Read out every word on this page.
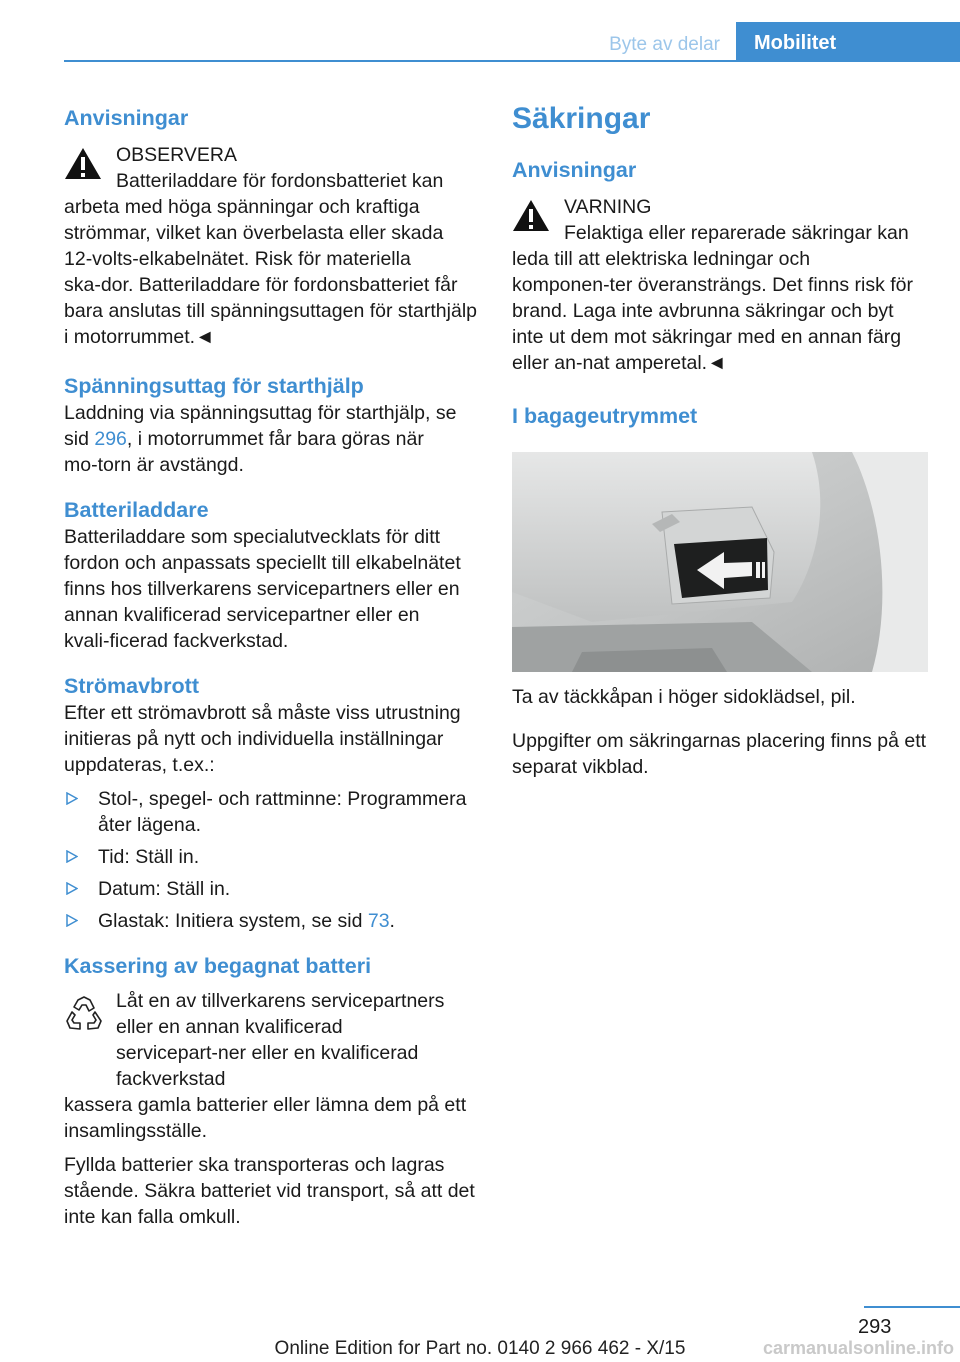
Byte av delar	Mobilitet

Anvisningar

OBSERVERA

Batteriladdare för fordonsbatteriet kan

arbeta med höga spänningar och kraftiga strömmar, vilket kan överbelasta eller skada 12‑volts‑elkabelnätet. Risk för materiella ska‑dor. Batteriladdare för fordonsbatteriet får bara anslutas till spänningsuttagen för starthjälp i motorrummet.◄

Spänningsuttag för starthjälp

Laddning via spänningsuttag för starthjälp, se sid 296, i motorrummet får bara göras när mo‑torn är avstängd.

Batteriladdare

Batteriladdare som specialutvecklats för ditt fordon och anpassats speciellt till elkabelnätet finns hos tillverkarens servicepartners eller en annan kvalificerad servicepartner eller en kvali‑ficerad fackverkstad.

Strömavbrott

Efter ett strömavbrott så måste viss utrustning initieras på nytt och individuella inställningar uppdateras, t.ex.:

Stol-, spegel- och rattminne: Programmera åter lägena.
Tid: Ställ in.
Datum: Ställ in.
Glastak: Initiera system, se sid 73.

Kassering av begagnat batteri

Låt en av tillverkarens servicepartners eller en annan kvalificerad servicepart‑ner eller en kvalificerad fackverkstad

kassera gamla batterier eller lämna dem på ett insamlingsställe.

Fyllda batterier ska transporteras och lagras stående. Säkra batteriet vid transport, så att det inte kan falla omkull.

Säkringar

Anvisningar

VARNING

Felaktiga eller reparerade säkringar kan

leda till att elektriska ledningar och komponen‑ter överansträngs. Det finns risk för brand. Laga inte avbrunna säkringar och byt inte ut dem mot säkringar med en annan färg eller an‑nat amperetal.◄

I bagageutrymmet

Ta av täckkåpan i höger sidoklädsel, pil.

Uppgifter om säkringarnas placering finns på ett separat vikblad.

293
Online Edition for Part no. 0140 2 966 462 - X/15	carmanualsonline.info
